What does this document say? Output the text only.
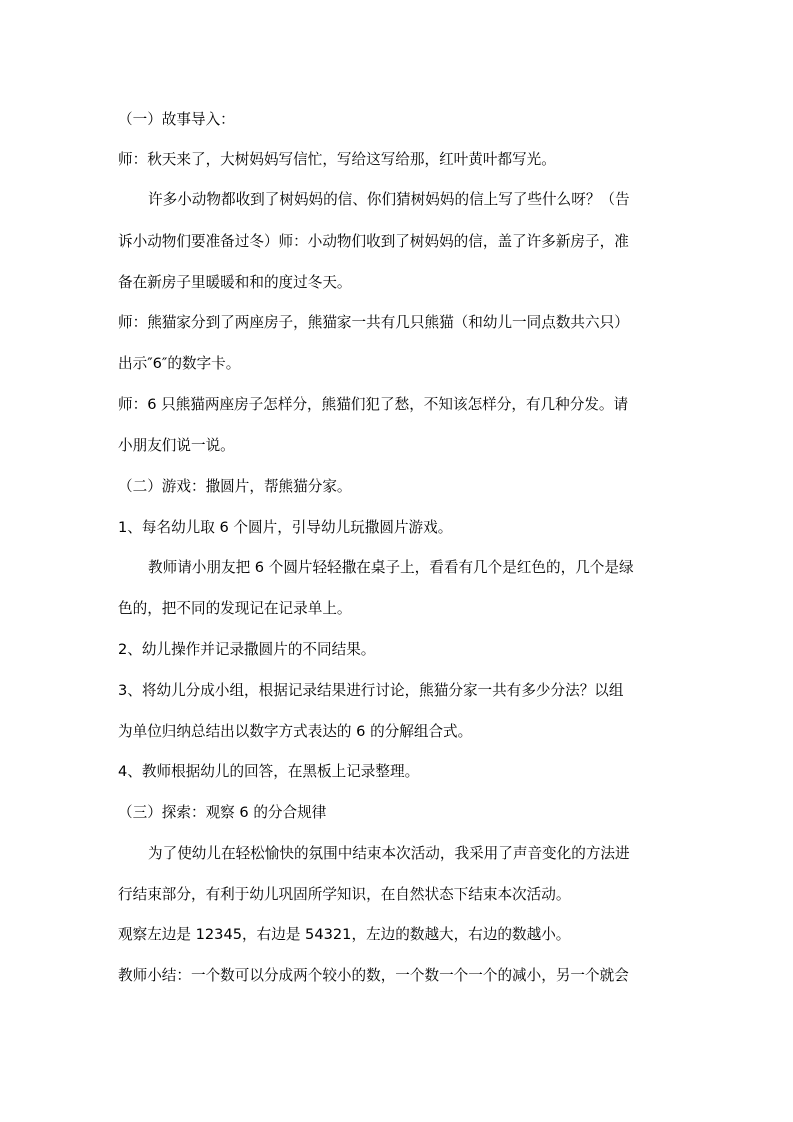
（一）故事导入：
师：秋天来了，大树妈妈写信忙，写给这写给那，红叶黄叶都写光。
许多小动物都收到了树妈妈的信、你们猜树妈妈的信上写了些什么呀？（告
诉小动物们要准备过冬）师：小动物们收到了树妈妈的信，盖了许多新房子，准
备在新房子里暖暖和和的度过冬天。
师：熊猫家分到了两座房子，熊猫家一共有几只熊猫（和幼儿一同点数共六只）
出示″6″的数字卡。
师：6 只熊猫两座房子怎样分，熊猫们犯了愁，不知该怎样分，有几种分发。请
小朋友们说一说。
（二）游戏：撒圆片，帮熊猫分家。
1、每名幼儿取 6 个圆片，引导幼儿玩撒圆片游戏。
教师请小朋友把 6 个圆片轻轻撒在桌子上，看看有几个是红色的，几个是绿
色的，把不同的发现记在记录单上。
2、幼儿操作并记录撒圆片的不同结果。
3、将幼儿分成小组，根据记录结果进行讨论，熊猫分家一共有多少分法？以组
为单位归纳总结出以数字方式表达的 6 的分解组合式。
4、教师根据幼儿的回答，在黑板上记录整理。
（三）探索：观察 6 的分合规律
为了使幼儿在轻松愉快的氛围中结束本次活动，我采用了声音变化的方法进
行结束部分，有利于幼儿巩固所学知识，在自然状态下结束本次活动。
观察左边是 12345，右边是 54321，左边的数越大，右边的数越小。
教师小结：一个数可以分成两个较小的数，一个数一个一个的减小，另一个就会
